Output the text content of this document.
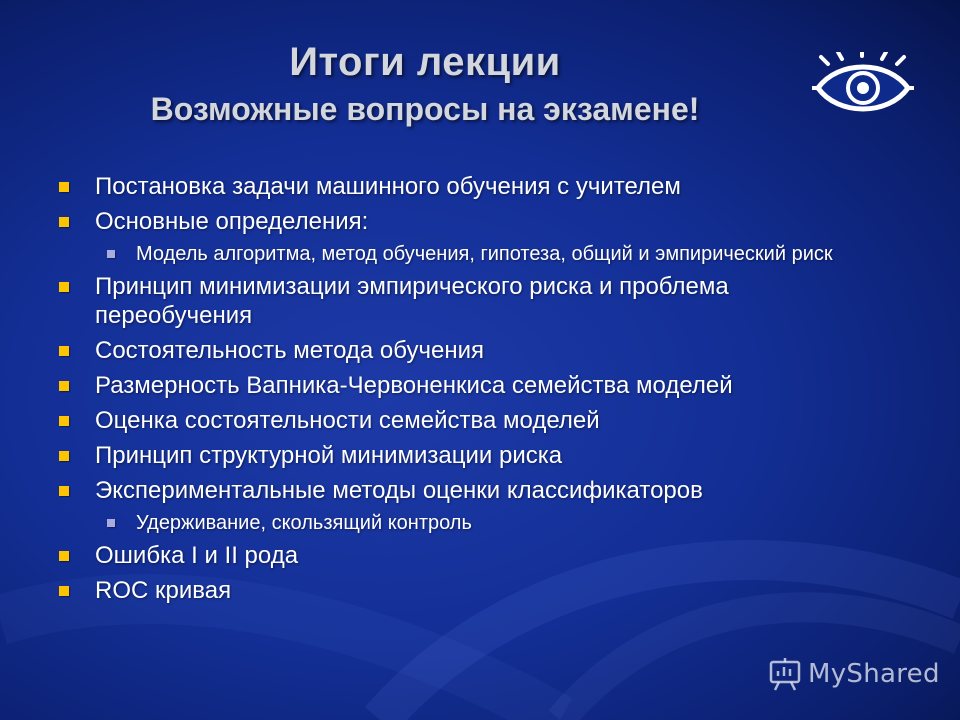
Итоги лекции
Возможные вопросы на экзамене!
Постановка задачи машинного обучения с учителем
Основные определения:
Модель алгоритма, метод обучения, гипотеза, общий и эмпирический риск
Принцип минимизации эмпирического риска и проблема переобучения
Состоятельность метода обучения
Размерность Вапника-Червоненкиса семейства моделей
Оценка состоятельности семейства моделей
Принцип структурной минимизации риска
Экспериментальные методы оценки классификаторов
Удерживание, скользящий контроль
Ошибка I и II рода
ROC кривая
MyShared
